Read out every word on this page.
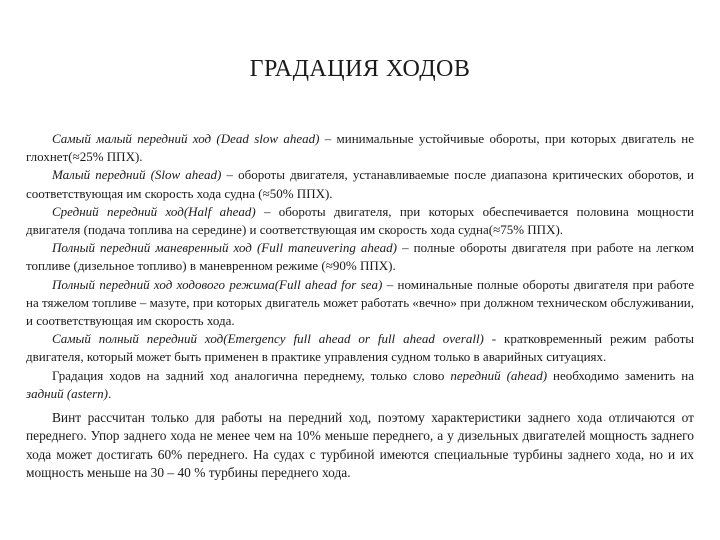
ГРАДАЦИЯ ХОДОВ

Самый малый передний ход (Dead slow ahead) – минимальные устойчивые обороты, при которых двигатель не глохнет(≈25% ППХ).

Малый передний (Slow ahead) – обороты двигателя, устанавливаемые после диапазона критических оборотов, и соответствующая им скорость хода судна (≈50% ППХ).

Средний передний ход(Half ahead) – обороты двигателя, при которых обеспечивается половина мощности двигателя (подача топлива на середине) и соответствующая им скорость хода судна(≈75% ППХ).

Полный передний маневренный ход (Full maneuvering ahead) – полные обороты двигателя при работе на легком топливе (дизельное топливо) в маневренном режиме (≈90% ППХ).

Полный передний ход ходового режима(Full ahead for sea) – номинальные полные обороты двигателя при работе на тяжелом топливе – мазуте, при которых двигатель может работать «вечно» при должном техническом обслуживании, и соответствующая им скорость хода.

Самый полный передний ход(Emergency full ahead or full ahead overall) - кратковременный режим работы двигателя, который может быть применен в практике управления судном только в аварийных ситуациях.

Градация ходов на задний ход аналогична переднему, только слово передний (ahead) необходимо заменить на задний (astern).

Винт рассчитан только для работы на передний ход, поэтому характеристики заднего хода отличаются от переднего. Упор заднего хода не менее чем на 10% меньше переднего, а у дизельных двигателей мощность заднего хода может достигать 60% переднего. На судах с турбиной имеются специальные турбины заднего хода, но и их мощность меньше на 30 – 40 % турбины переднего хода.
